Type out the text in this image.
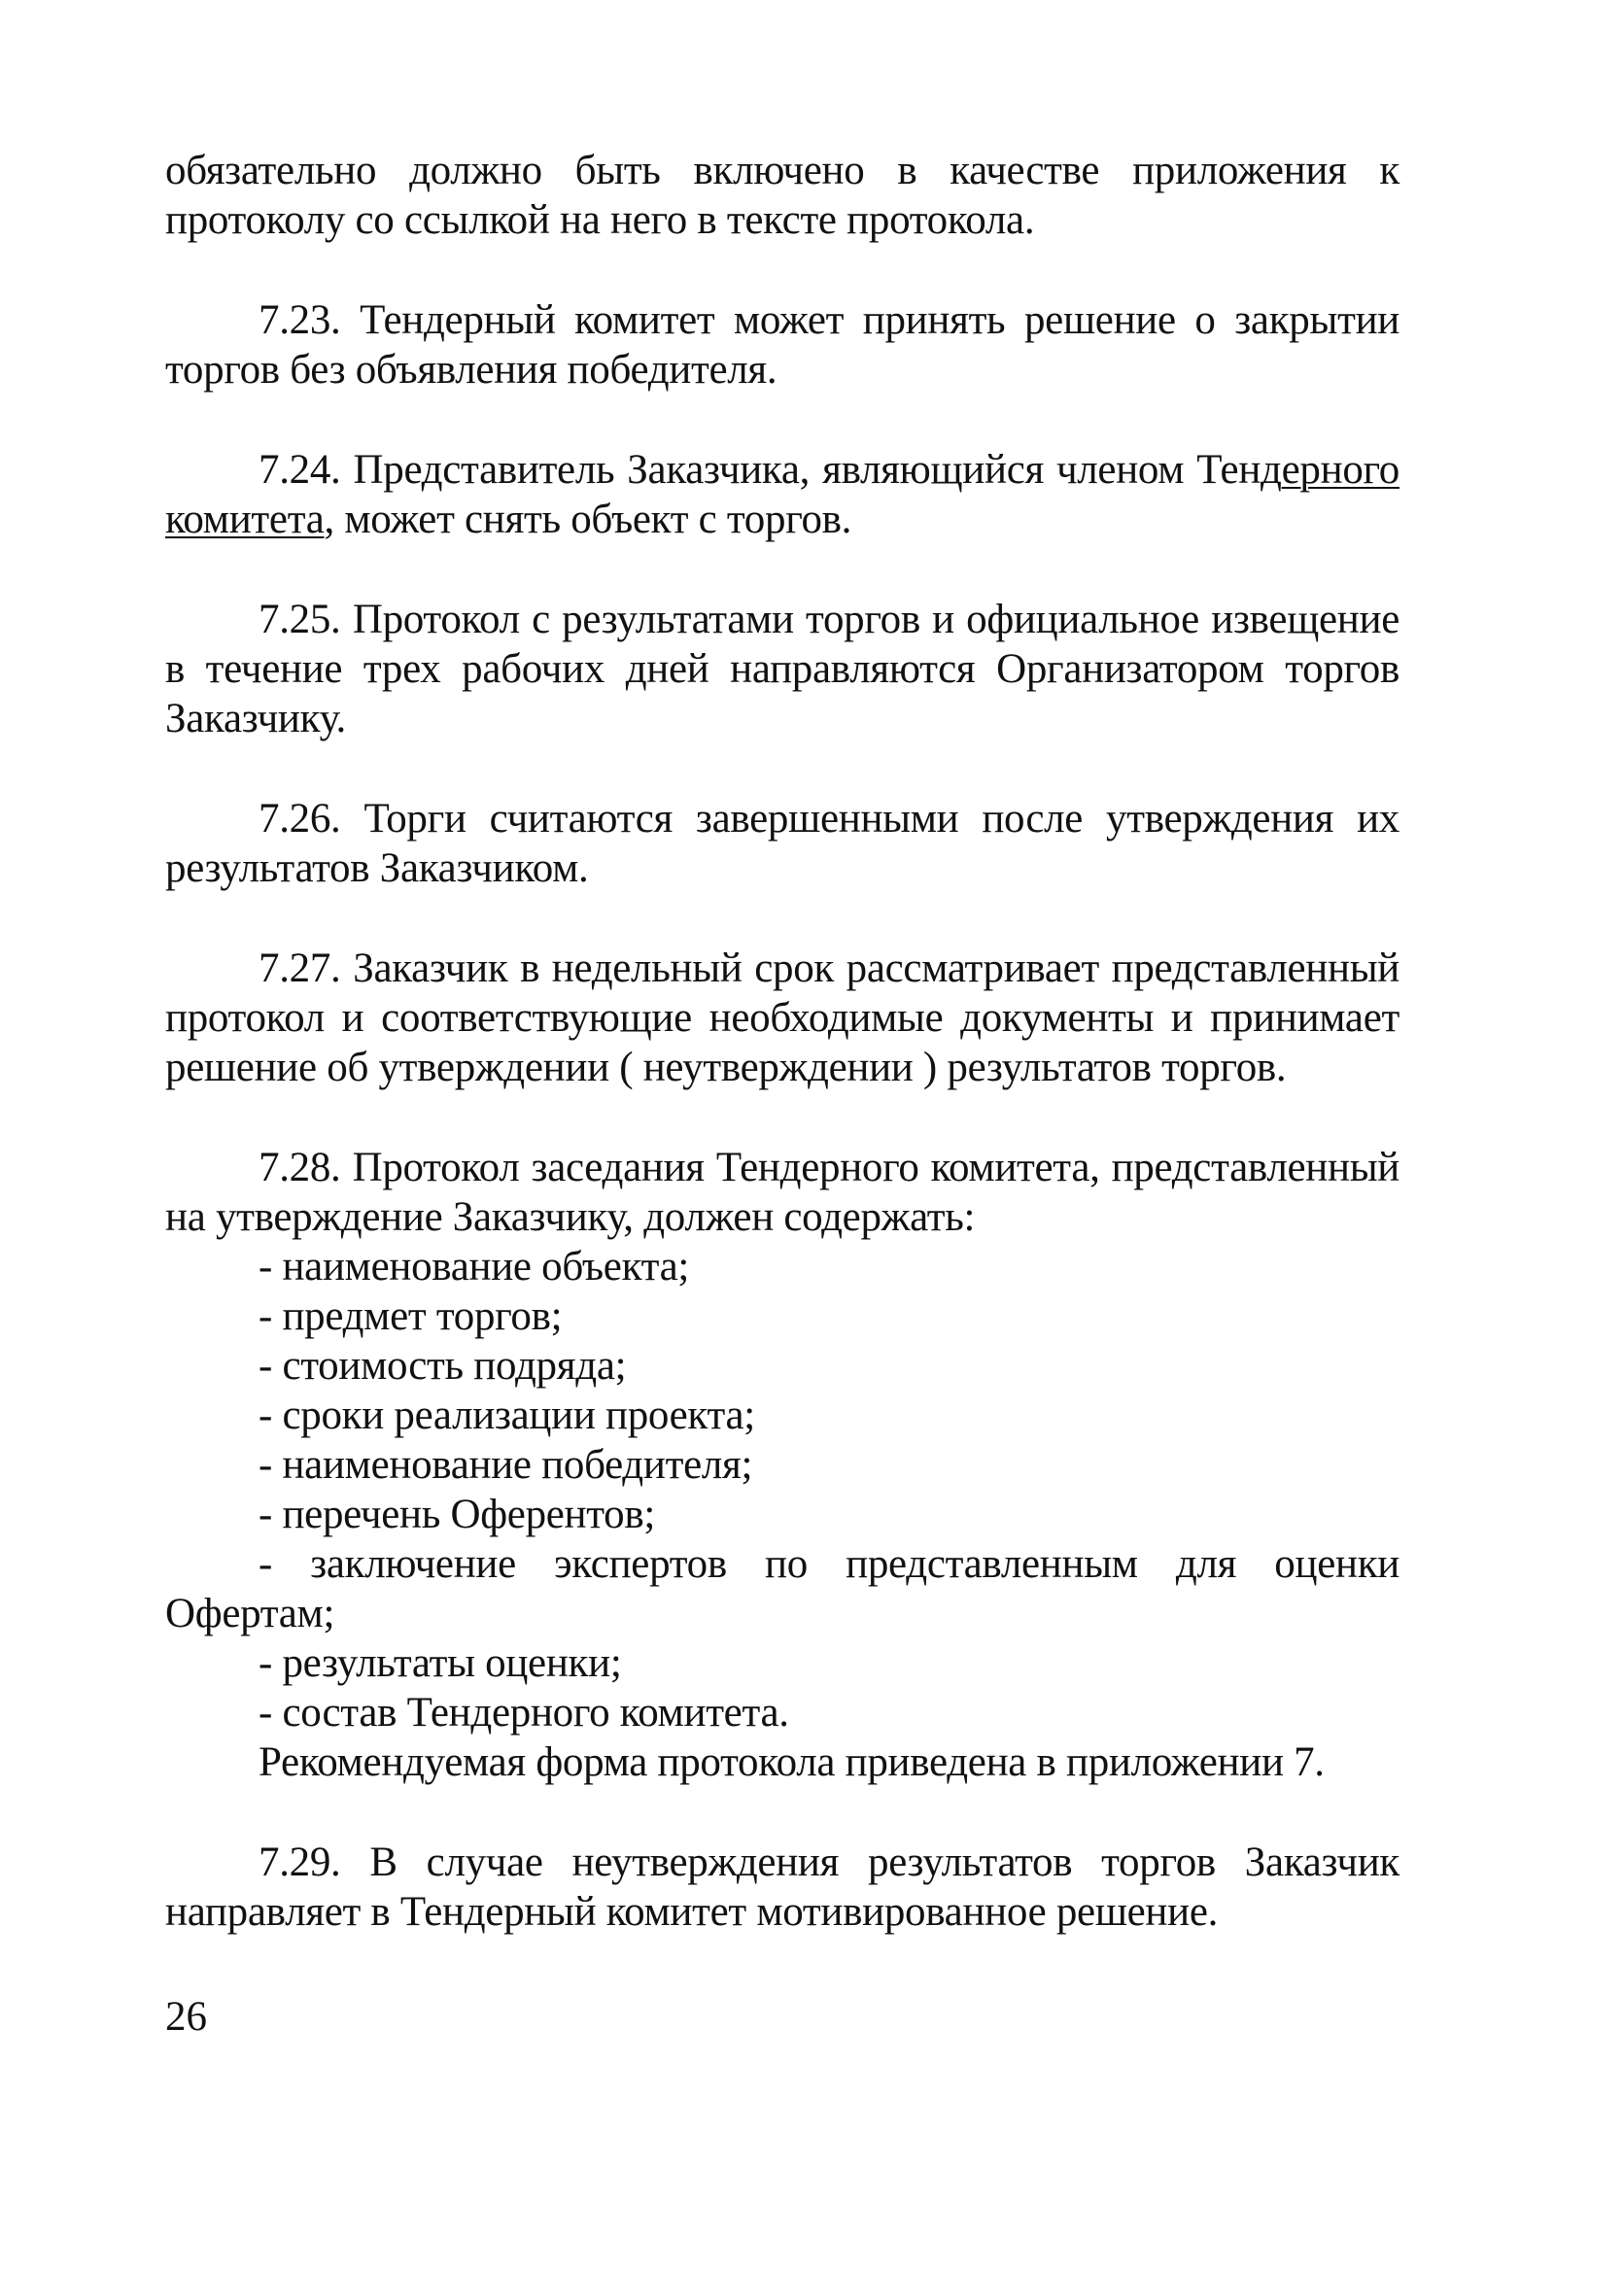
обязательно должно быть включено в качестве приложения к протоколу со ссылкой на него в тексте протокола.

7.23. Тендерный комитет может принять решение о закрытии торгов без объявления победителя.

7.24. Представитель Заказчика, являющийся членом Тендерного комитета, может снять объект с торгов.

7.25. Протокол с результатами торгов и официальное извещение в течение трех рабочих дней направляются Организатором торгов Заказчику.

7.26. Торги считаются завершенными после утверждения их результатов Заказчиком.

7.27. Заказчик в недельный срок рассматривает представленный протокол и соответствующие необходимые документы и принимает решение об утверждении ( неутверждении ) результатов торгов.

7.28. Протокол заседания Тендерного комитета, представленный на утверждение Заказчику, должен содержать:

- наименование объекта;
- предмет торгов;
- стоимость подряда;
- сроки реализации проекта;
- наименование победителя;
- перечень Оферентов;
- заключение экспертов по представленным для оценки Офертам;
- результаты оценки;
- состав Тендерного комитета.

Рекомендуемая форма протокола приведена в приложении 7.

7.29. В случае неутверждения результатов торгов Заказчик направляет в Тендерный комитет мотивированное решение.

26
